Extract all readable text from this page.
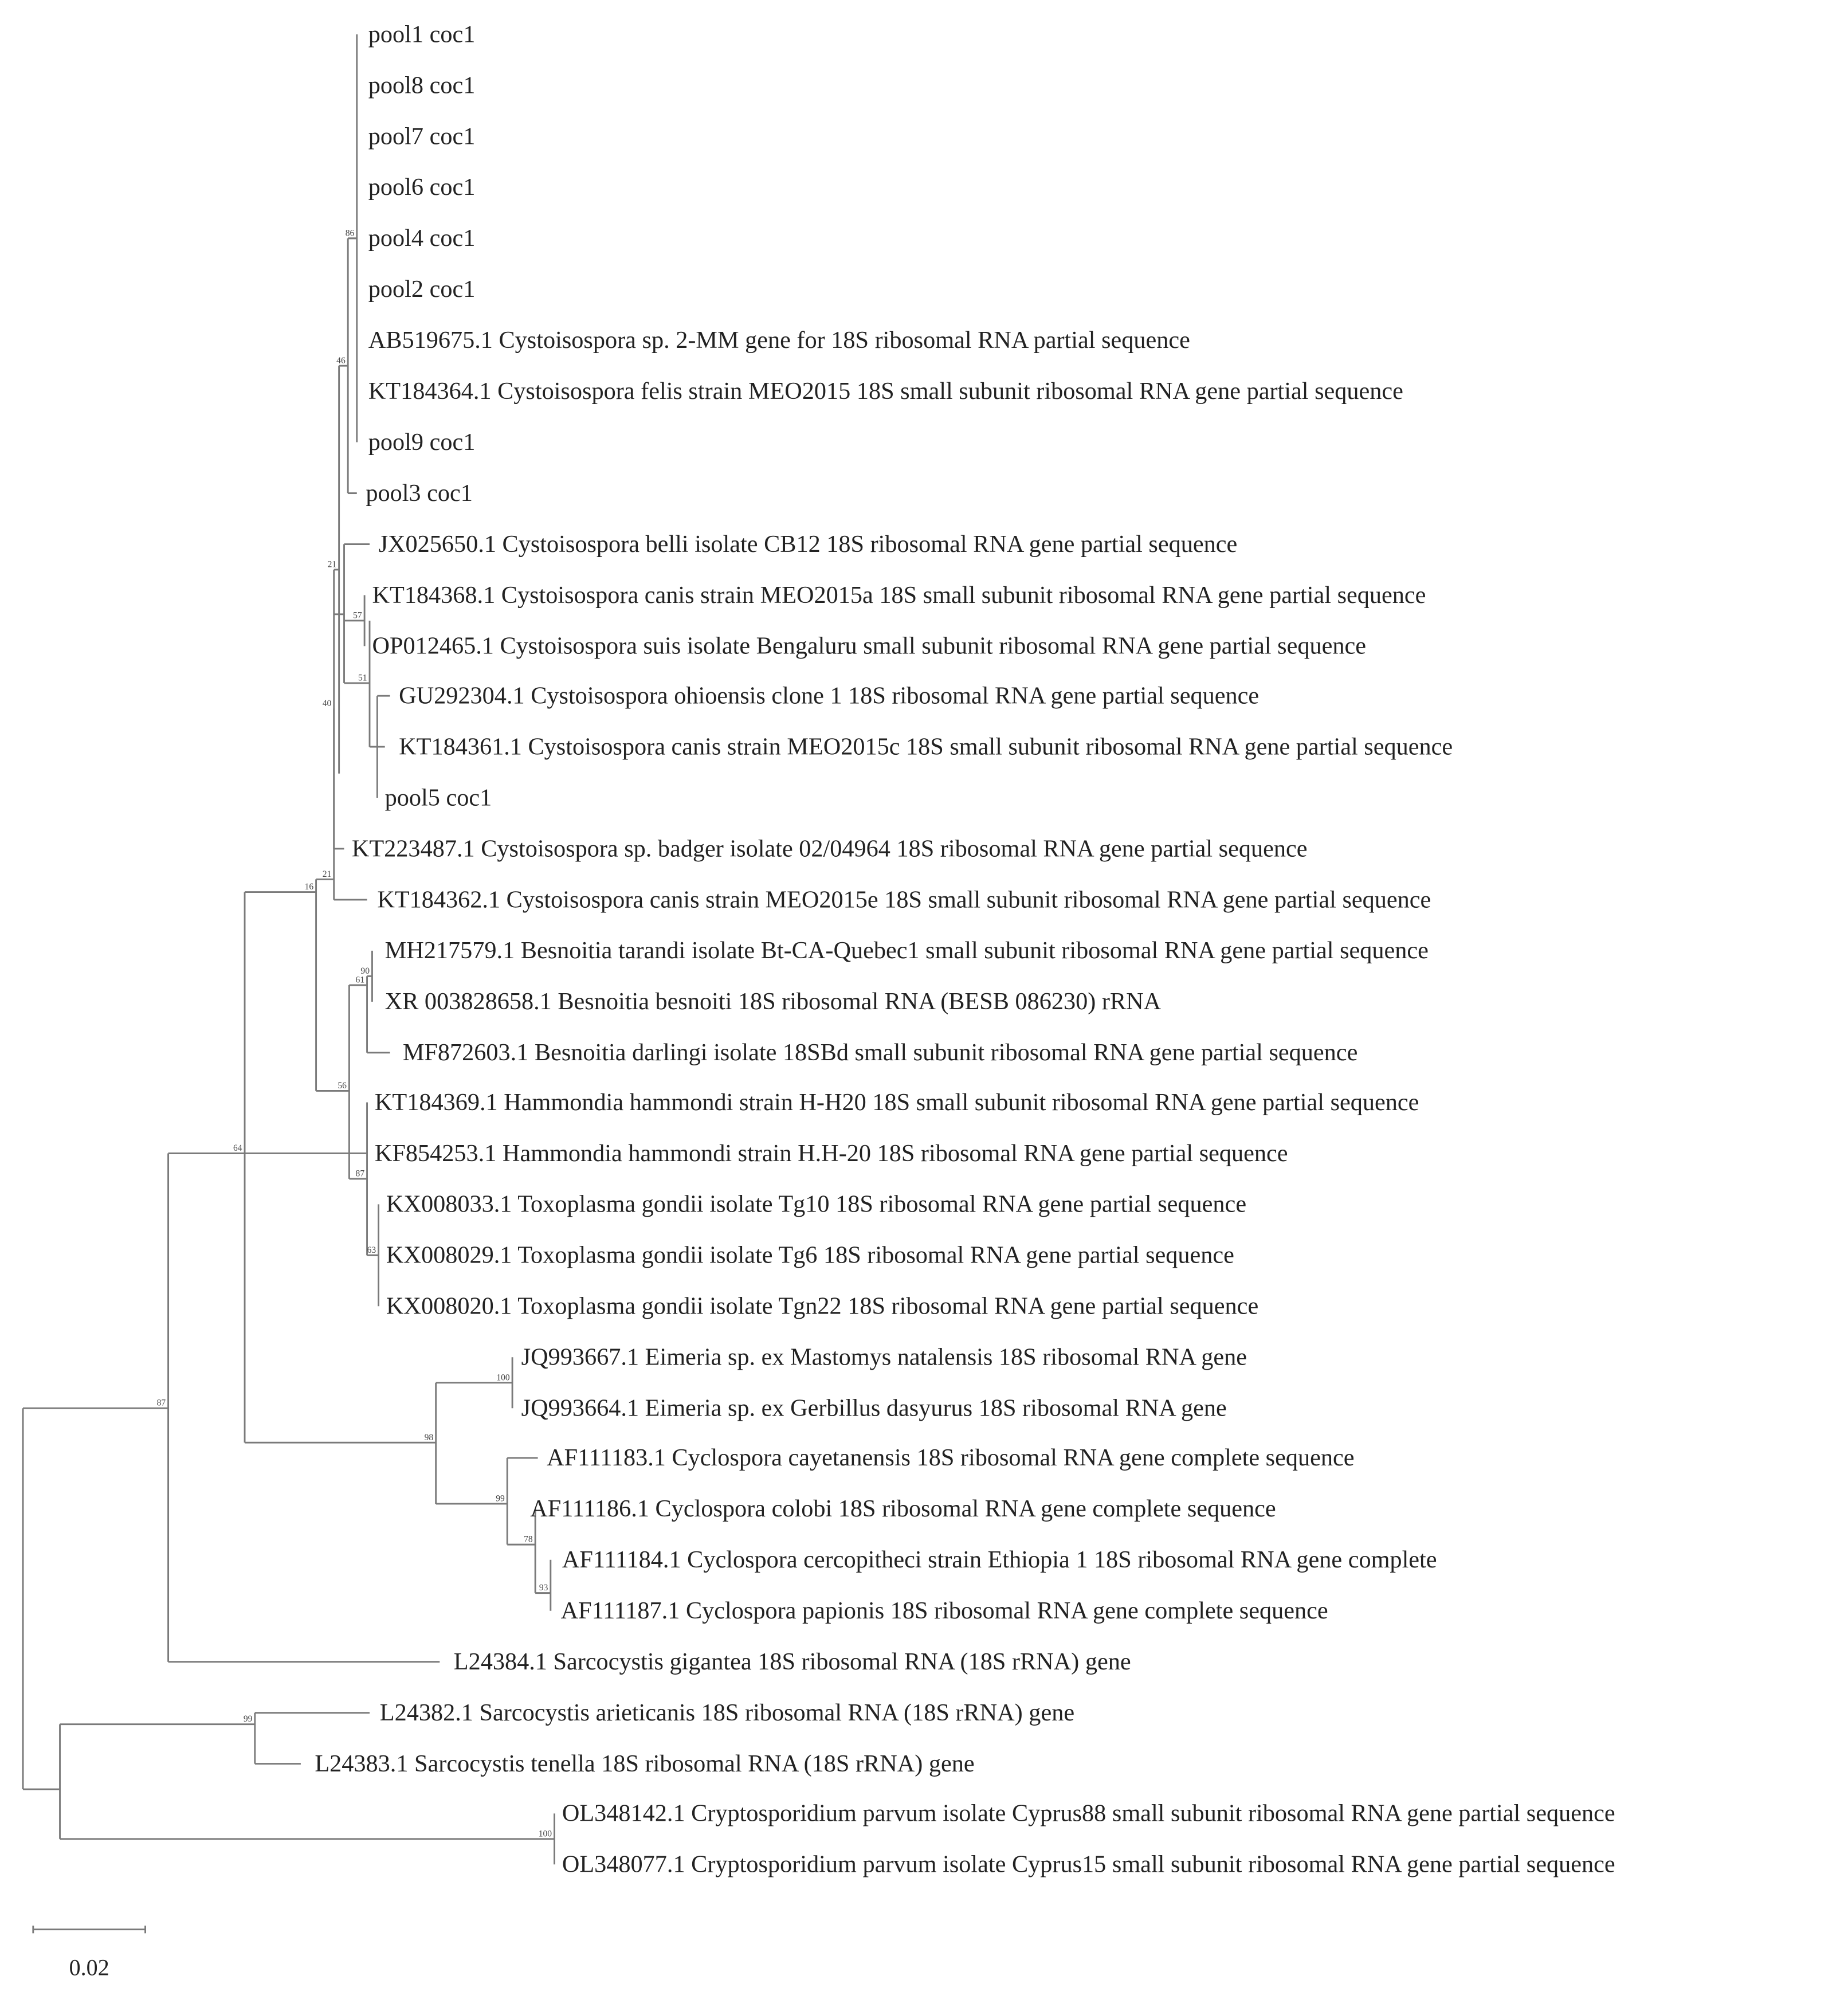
pool1 coc1
pool8 coc1
pool7 coc1
pool6 coc1
pool4 coc1
pool2 coc1
AB519675.1 Cystoisospora sp. 2-MM gene for 18S ribosomal RNA partial sequence
KT184364.1 Cystoisospora felis strain MEO2015 18S small subunit ribosomal RNA gene partial sequence
pool9 coc1
pool3 coc1
JX025650.1 Cystoisospora belli isolate CB12 18S ribosomal RNA gene partial sequence
KT184368.1 Cystoisospora canis strain MEO2015a 18S small subunit ribosomal RNA gene partial sequence
OP012465.1 Cystoisospora suis isolate Bengaluru small subunit ribosomal RNA gene partial sequence
GU292304.1 Cystoisospora ohioensis clone 1 18S ribosomal RNA gene partial sequence
KT184361.1 Cystoisospora canis strain MEO2015c 18S small subunit ribosomal RNA gene partial sequence
pool5 coc1
KT223487.1 Cystoisospora sp. badger isolate 02/04964 18S ribosomal RNA gene partial sequence
KT184362.1 Cystoisospora canis strain MEO2015e 18S small subunit ribosomal RNA gene partial sequence
MH217579.1 Besnoitia tarandi isolate Bt-CA-Quebec1 small subunit ribosomal RNA gene partial sequence
XR 003828658.1 Besnoitia besnoiti 18S ribosomal RNA (BESB 086230) rRNA
MF872603.1 Besnoitia darlingi isolate 18SBd small subunit ribosomal RNA gene partial sequence
KT184369.1 Hammondia hammondi strain H-H20 18S small subunit ribosomal RNA gene partial sequence
KF854253.1 Hammondia hammondi strain H.H-20 18S ribosomal RNA gene partial sequence
KX008033.1 Toxoplasma gondii isolate Tg10 18S ribosomal RNA gene partial sequence
KX008029.1 Toxoplasma gondii isolate Tg6 18S ribosomal RNA gene partial sequence
KX008020.1 Toxoplasma gondii isolate Tgn22 18S ribosomal RNA gene partial sequence
JQ993667.1 Eimeria sp. ex Mastomys natalensis 18S ribosomal RNA gene
JQ993664.1 Eimeria sp. ex Gerbillus dasyurus 18S ribosomal RNA gene
AF111183.1 Cyclospora cayetanensis 18S ribosomal RNA gene complete sequence
AF111186.1 Cyclospora colobi 18S ribosomal RNA gene complete sequence
AF111184.1 Cyclospora cercopitheci strain Ethiopia 1 18S ribosomal RNA gene complete
AF111187.1 Cyclospora papionis 18S ribosomal RNA gene complete sequence
L24384.1 Sarcocystis gigantea 18S ribosomal RNA (18S rRNA) gene
L24382.1 Sarcocystis arieticanis 18S ribosomal RNA (18S rRNA) gene
L24383.1 Sarcocystis tenella 18S ribosomal RNA (18S rRNA) gene
OL348142.1 Cryptosporidium parvum isolate Cyprus88 small subunit ribosomal RNA gene partial sequence
OL348077.1 Cryptosporidium parvum isolate Cyprus15 small subunit ribosomal RNA gene partial sequence
86
46
21
57
51
40
21
90
61
63
87
56
16
100
93
78
99
98
64
87
99
100
0.02
